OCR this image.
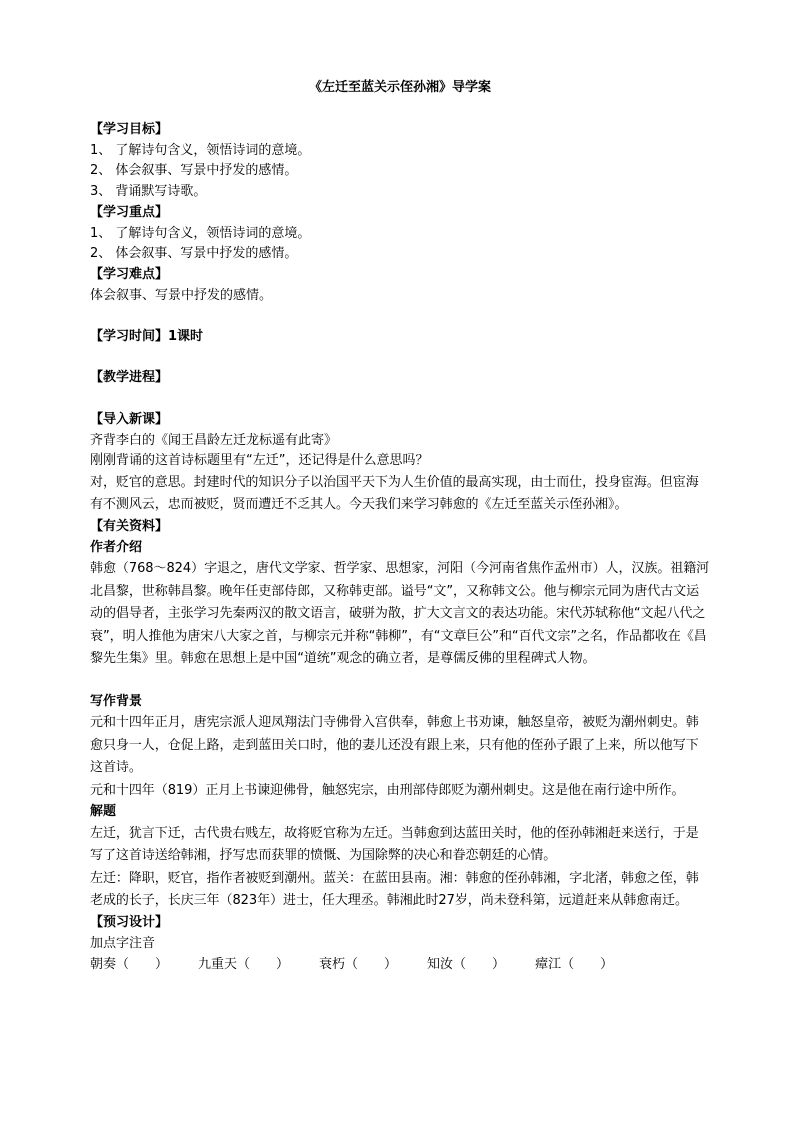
《左迁至蓝关示侄孙湘》导学案
【学习目标】
1、 了解诗句含义，领悟诗词的意境。
2、 体会叙事、写景中抒发的感情。
3、 背诵默写诗歌。
【学习重点】
1、 了解诗句含义，领悟诗词的意境。
2、 体会叙事、写景中抒发的感情。
【学习难点】
体会叙事、写景中抒发的感情。
【学习时间】1课时
【教学进程】
【导入新课】
齐背李白的《闻王昌龄左迁龙标遥有此寄》
刚刚背诵的这首诗标题里有“左迁”，还记得是什么意思吗？
对，贬官的意思。封建时代的知识分子以治国平天下为人生价值的最高实现，由士而仕，投身宦海。但宦海有不测风云，忠而被贬，贤而遭迁不乏其人。今天我们来学习韩愈的《左迁至蓝关示侄孙湘》。
【有关资料】
作者介绍
韩愈（768～824）字退之，唐代文学家、哲学家、思想家，河阳（今河南省焦作孟州市）人，汉族。祖籍河北昌黎，世称韩昌黎。晚年任吏部侍郎，又称韩吏部。谥号“文”，又称韩文公。他与柳宗元同为唐代古文运动的倡导者，主张学习先秦两汉的散文语言，破骈为散，扩大文言文的表达功能。宋代苏轼称他“文起八代之衰”，明人推他为唐宋八大家之首，与柳宗元并称“韩柳”，有“文章巨公”和“百代文宗”之名，作品都收在《昌黎先生集》里。韩愈在思想上是中国“道统”观念的确立者，是尊儒反佛的里程碑式人物。
写作背景
元和十四年正月，唐宪宗派人迎凤翔法门寺佛骨入宫供奉，韩愈上书劝谏，触怒皇帝，被贬为潮州刺史。韩愈只身一人，仓促上路，走到蓝田关口时，他的妻儿还没有跟上来，只有他的侄孙子跟了上来，所以他写下这首诗。
元和十四年（819）正月上书谏迎佛骨，触怒宪宗，由刑部侍郎贬为潮州刺史。这是他在南行途中所作。
解题
左迁，犹言下迁，古代贵右贱左，故将贬官称为左迁。当韩愈到达蓝田关时，他的侄孙韩湘赶来送行，于是写了这首诗送给韩湘，抒写忠而获罪的愤慨、为国除弊的决心和眷恋朝廷的心情。
左迁：降职，贬官，指作者被贬到潮州。蓝关：在蓝田县南。湘：韩愈的侄孙韩湘，字北渚，韩愈之侄，韩老成的长子，长庆三年（823年）进士，任大理丞。韩湘此时27岁，尚未登科第，远道赶来从韩愈南迁。
【预习设计】
加点字注音
朝奏（　　） 九重天（　　） 衰朽（　　） 知汝（　　） 瘴江（　　）
